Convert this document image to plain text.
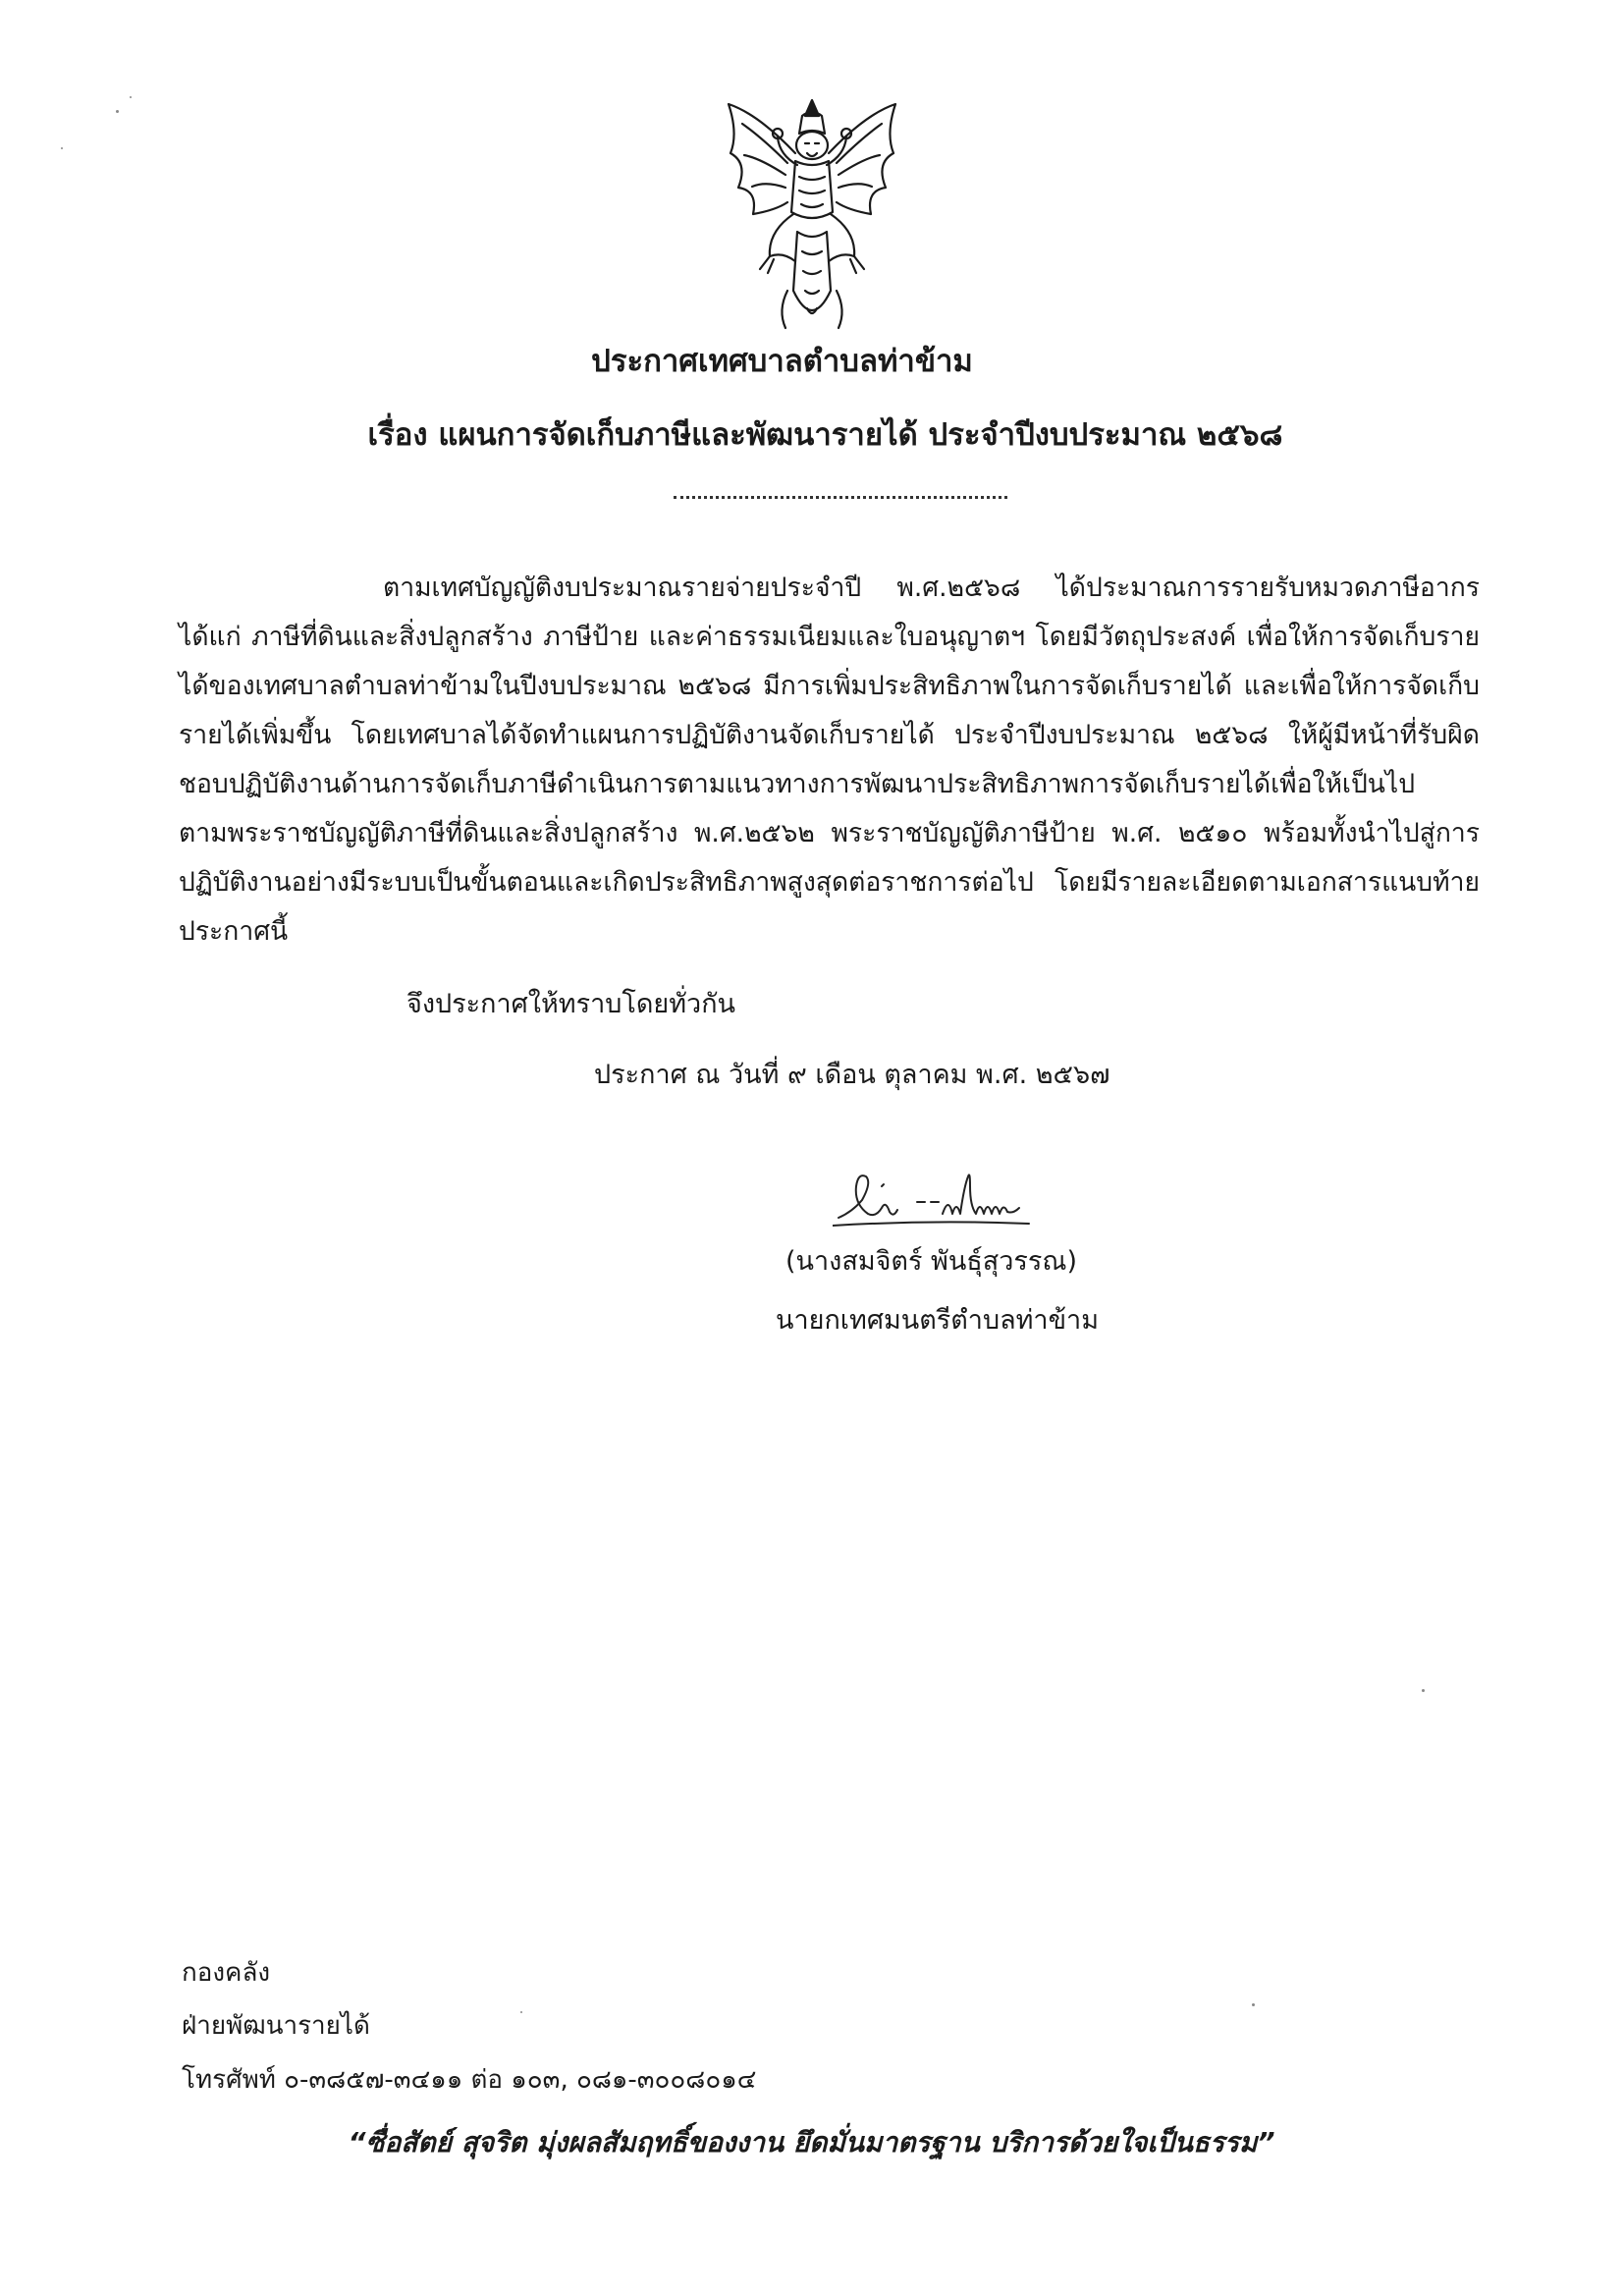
ประกาศเทศบาลตำบลท่าข้าม
เรื่อง แผนการจัดเก็บภาษีและพัฒนารายได้ ประจำปีงบประมาณ ๒๕๖๘
ตามเทศบัญญัติงบประมาณรายจ่ายประจำปี พ.ศ.๒๕๖๘ ได้ประมาณการรายรับหมวดภาษีอากร ได้แก่ ภาษีที่ดินและสิ่งปลูกสร้าง ภาษีป้าย และค่าธรรมเนียมและใบอนุญาตฯ โดยมีวัตถุประสงค์ เพื่อให้การจัดเก็บรายได้ของเทศบาลตำบลท่าข้ามในปีงบประมาณ ๒๕๖๘ มีการเพิ่มประสิทธิภาพในการจัดเก็บรายได้ และเพื่อให้การจัดเก็บรายได้เพิ่มขึ้น โดยเทศบาลได้จัดทำแผนการปฏิบัติงานจัดเก็บรายได้ ประจำปีงบประมาณ ๒๕๖๘ ให้ผู้มีหน้าที่รับผิดชอบปฏิบัติงานด้านการจัดเก็บภาษีดำเนินการตามแนวทางการพัฒนาประสิทธิภาพการจัดเก็บรายได้เพื่อให้เป็นไปตามพระราชบัญญัติภาษีที่ดินและสิ่งปลูกสร้าง พ.ศ.๒๕๖๒ พระราชบัญญัติภาษีป้าย พ.ศ. ๒๕๑๐ พร้อมทั้งนำไปสู่การปฏิบัติงานอย่างมีระบบเป็นขั้นตอนและเกิดประสิทธิภาพสูงสุดต่อราชการต่อไป โดยมีรายละเอียดตามเอกสารแนบท้ายประกาศนี้
จึงประกาศให้ทราบโดยทั่วกัน
ประกาศ ณ วันที่ ๙ เดือน ตุลาคม พ.ศ. ๒๕๖๗
(นางสมจิตร์ พันธุ์สุวรรณ)
นายกเทศมนตรีตำบลท่าข้าม
กองคลัง
ฝ่ายพัฒนารายได้
โทรศัพท์ ๐-๓๘๕๗-๓๔๑๑ ต่อ ๑๐๓, ๐๘๑-๓๐๐๘๐๑๔
“ซื่อสัตย์ สุจริต มุ่งผลสัมฤทธิ์ของงาน ยึดมั่นมาตรฐาน บริการด้วยใจเป็นธรรม”
